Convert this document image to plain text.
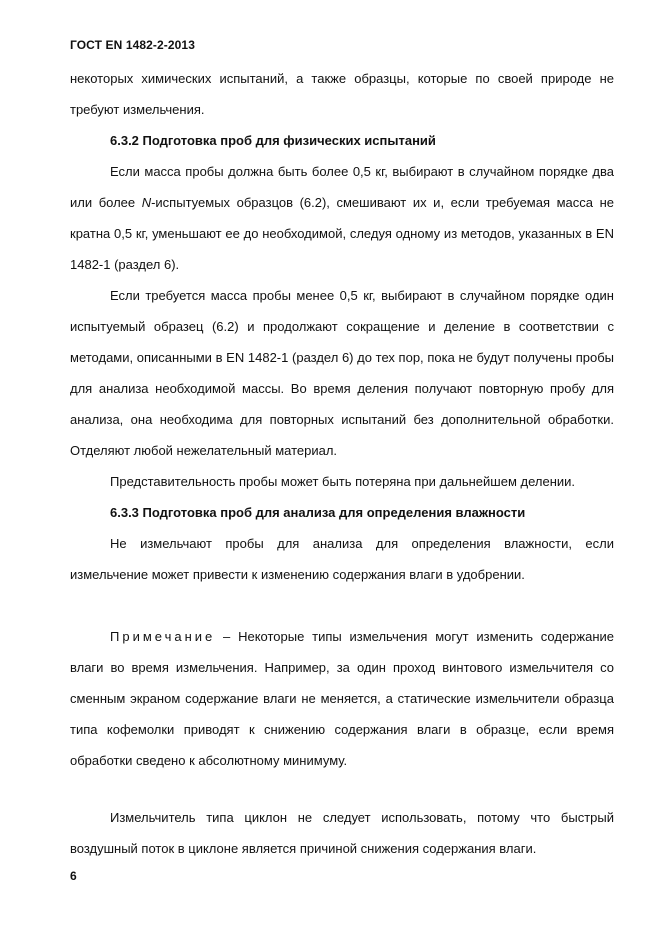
ГОСТ EN 1482-2-2013

некоторых химических испытаний, а также образцы, которые по своей природе не требуют измельчения.

6.3.2 Подготовка проб для физических испытаний

Если масса пробы должна быть более 0,5 кг, выбирают в случайном порядке два или более N-испытуемых образцов (6.2), смешивают их и, если требуемая масса не кратна 0,5 кг, уменьшают ее до необходимой, следуя одному из методов, указанных в EN 1482-1 (раздел 6).

Если требуется масса пробы менее 0,5 кг, выбирают в случайном порядке один испытуемый образец (6.2) и продолжают сокращение и деление в соответствии с методами, описанными в EN 1482-1 (раздел 6) до тех пор, пока не будут получены пробы для анализа необходимой массы. Во время деления получают повторную пробу для анализа, она необходима для повторных испытаний без дополнительной обработки. Отделяют любой нежелательный материал.

Представительность пробы может быть потеряна при дальнейшем делении.

6.3.3 Подготовка проб для анализа для определения влажности

Не измельчают пробы для анализа для определения влажности, если измельчение может привести к изменению содержания влаги в удобрении.

Примечание – Некоторые типы измельчения могут изменить содержание влаги во время измельчения. Например, за один проход винтового измельчителя со сменным экраном содержание влаги не меняется, а статические измельчители образца типа кофемолки приводят к снижению содержания влаги в образце, если время обработки сведено к абсолютному минимуму.

Измельчитель типа циклон не следует использовать, потому что быстрый воздушный поток в циклоне является причиной снижения содержания влаги.

6
